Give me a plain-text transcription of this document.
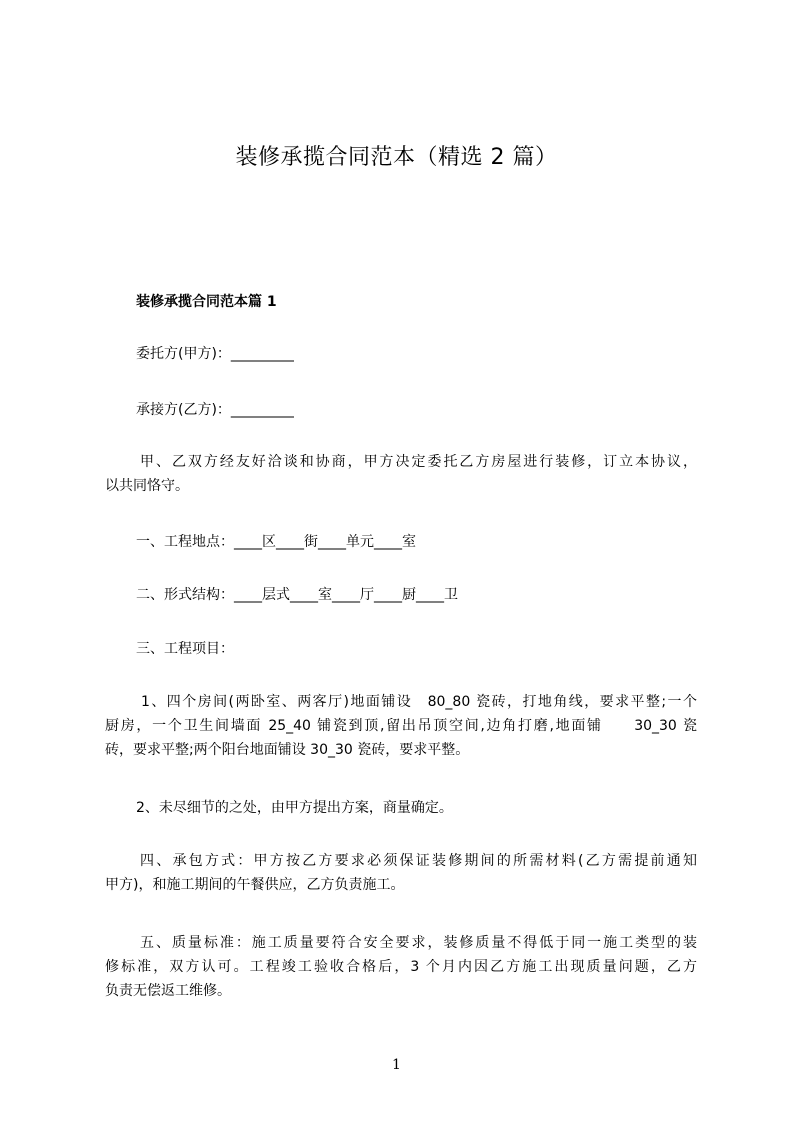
装修承揽合同范本（精选 2 篇）
装修承揽合同范本篇 1
委托方(甲方)：_________
承接方(乙方)：_________
甲、乙双方经友好洽谈和协商，甲方决定委托乙方房屋进行装修，订立本协议，
以共同恪守。
一、工程地点：____区____街____单元____室
二、形式结构：____层式____室____厅____厨____卫
三、工程项目：
1、四个房间(两卧室、两客厅)地面铺设　80_80 瓷砖，打地角线，要求平整;一个
厨房，一个卫生间墙面 25_40 铺瓷到顶,留出吊顶空间,边角打磨,地面铺　　30_30 瓷
砖，要求平整;两个阳台地面铺设 30_30 瓷砖，要求平整。
2、未尽细节的之处，由甲方提出方案，商量确定。
四、承包方式：甲方按乙方要求必须保证装修期间的所需材料(乙方需提前通知
甲方)，和施工期间的午餐供应，乙方负责施工。
五、质量标准：施工质量要符合安全要求，装修质量不得低于同一施工类型的装
修标准，双方认可。工程竣工验收合格后，3 个月内因乙方施工出现质量问题，乙方
负责无偿返工维修。
1
